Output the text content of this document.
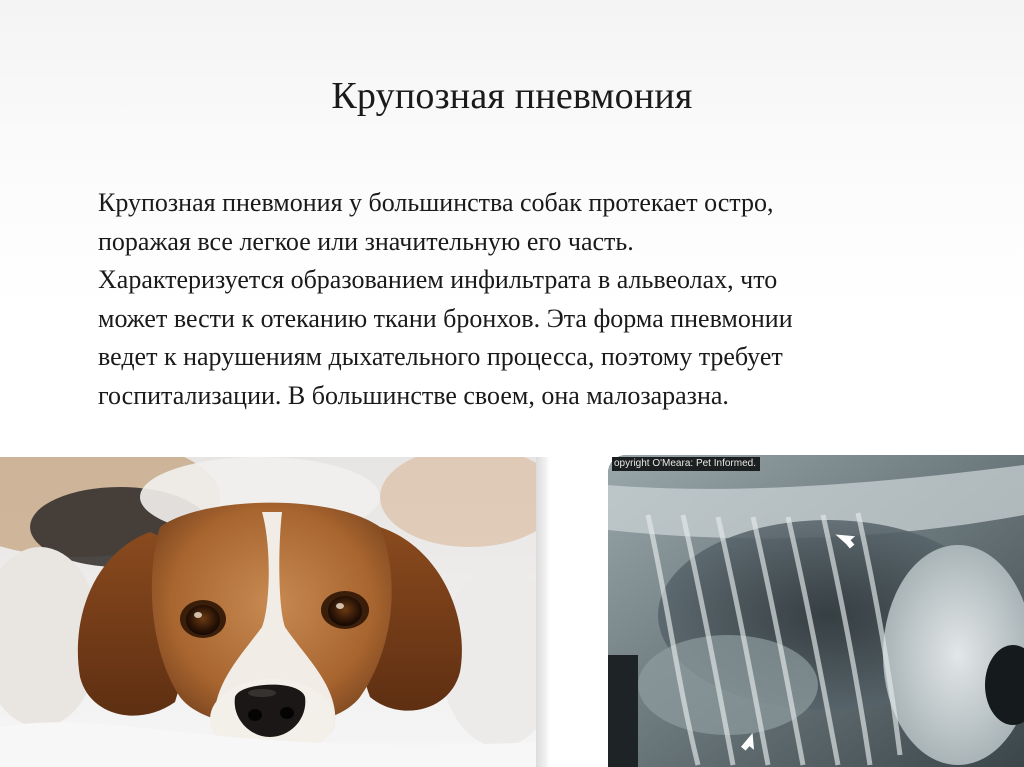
Крупозная пневмония

Крупозная пневмония у большинства собак протекает остро,

поражая все легкое или значительную его часть.

Характеризуется образованием инфильтрата в альвеолах, что

может вести к отеканию ткани бронхов. Эта форма пневмонии

ведет к нарушениям дыхательного процесса, поэтому требует

госпитализации. В большинстве своем, она малозаразна.

opyright O'Meara: Pet Informed.
